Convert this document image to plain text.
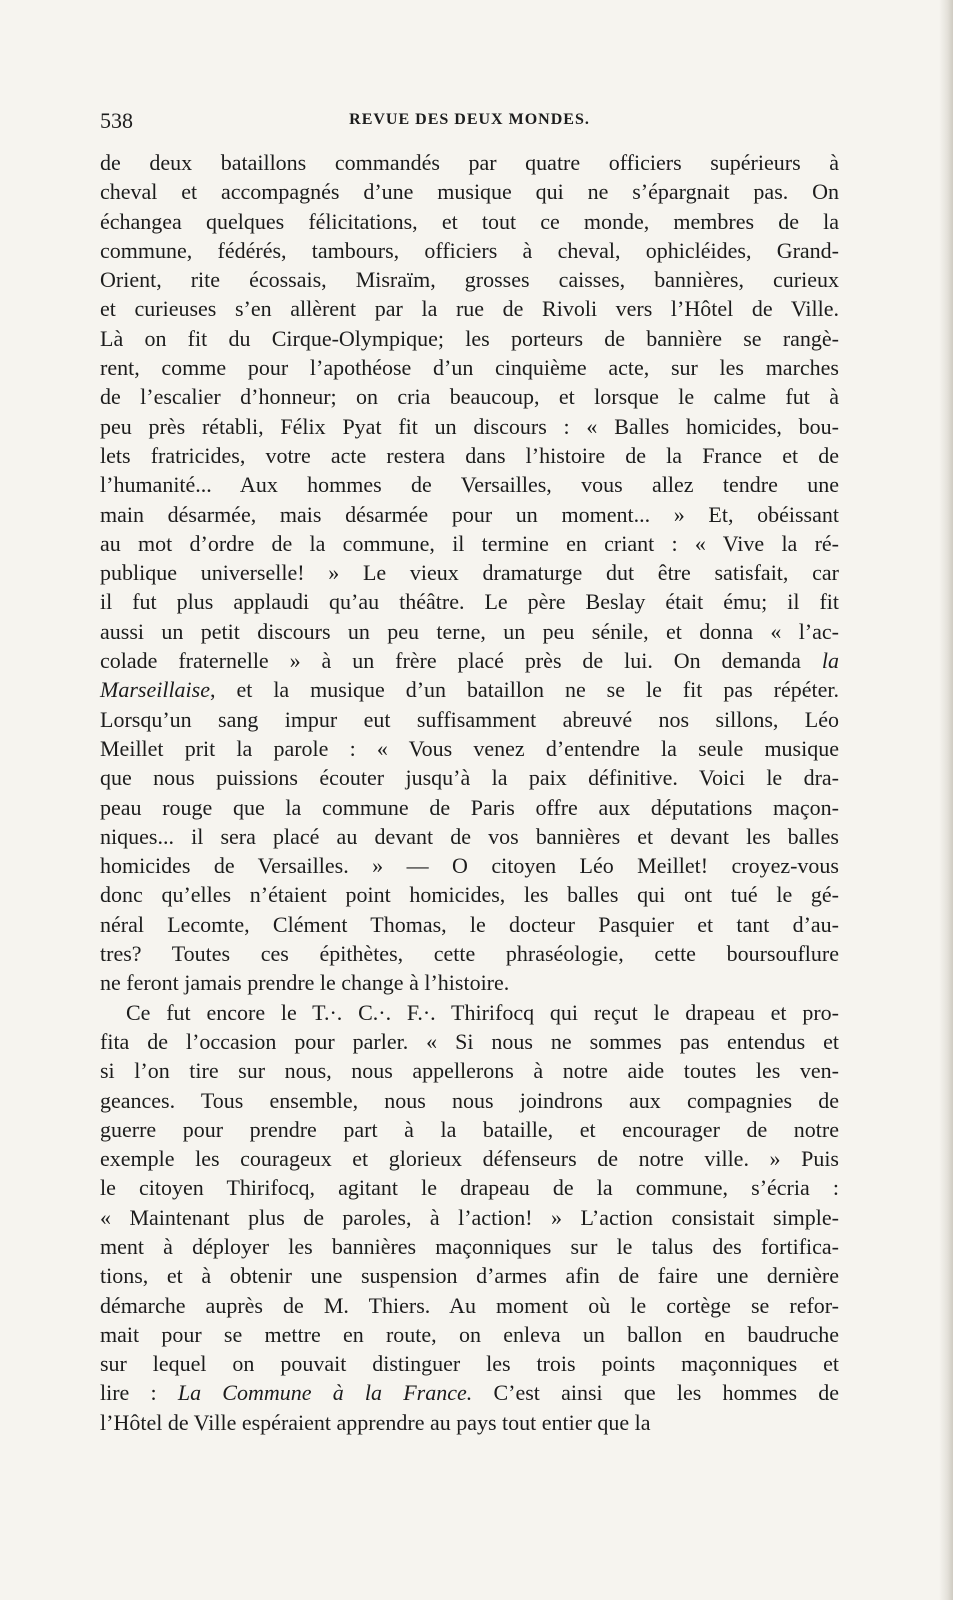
538	REVUE DES DEUX MONDES.
de deux bataillons commandés par quatre officiers supérieurs à
cheval et accompagnés d’une musique qui ne s’épargnait pas. On
échangea quelques félicitations, et tout ce monde, membres de la
commune, fédérés, tambours, officiers à cheval, ophicléides, Grand-
Orient, rite écossais, Misraïm, grosses caisses, bannières, curieux
et curieuses s’en allèrent par la rue de Rivoli vers l’Hôtel de Ville.
Là on fit du Cirque-Olympique; les porteurs de bannière se rangè-
rent, comme pour l’apothéose d’un cinquième acte, sur les marches
de l’escalier d’honneur; on cria beaucoup, et lorsque le calme fut à
peu près rétabli, Félix Pyat fit un discours : « Balles homicides, bou-
lets fratricides, votre acte restera dans l’histoire de la France et de
l’humanité... Aux hommes de Versailles, vous allez tendre une
main désarmée, mais désarmée pour un moment... » Et, obéissant
au mot d’ordre de la commune, il termine en criant : « Vive la ré-
publique universelle! » Le vieux dramaturge dut être satisfait, car
il fut plus applaudi qu’au théâtre. Le père Beslay était ému; il fit
aussi un petit discours un peu terne, un peu sénile, et donna « l’ac-
colade fraternelle » à un frère placé près de lui. On demanda la
Marseillaise, et la musique d’un bataillon ne se le fit pas répéter.
Lorsqu’un sang impur eut suffisamment abreuvé nos sillons, Léo
Meillet prit la parole : « Vous venez d’entendre la seule musique
que nous puissions écouter jusqu’à la paix définitive. Voici le dra-
peau rouge que la commune de Paris offre aux députations maçon-
niques... il sera placé au devant de vos bannières et devant les balles
homicides de Versailles. » — O citoyen Léo Meillet! croyez-vous
donc qu’elles n’étaient point homicides, les balles qui ont tué le gé-
néral Lecomte, Clément Thomas, le docteur Pasquier et tant d’au-
tres? Toutes ces épithètes, cette phraséologie, cette boursouflure
ne feront jamais prendre le change à l’histoire.
Ce fut encore le T.·. C.·. F.·. Thirifocq qui reçut le drapeau et pro-
fita de l’occasion pour parler. « Si nous ne sommes pas entendus et
si l’on tire sur nous, nous appellerons à notre aide toutes les ven-
geances. Tous ensemble, nous nous joindrons aux compagnies de
guerre pour prendre part à la bataille, et encourager de notre
exemple les courageux et glorieux défenseurs de notre ville. » Puis
le citoyen Thirifocq, agitant le drapeau de la commune, s’écria :
« Maintenant plus de paroles, à l’action! » L’action consistait simple-
ment à déployer les bannières maçonniques sur le talus des fortifica-
tions, et à obtenir une suspension d’armes afin de faire une dernière
démarche auprès de M. Thiers. Au moment où le cortège se refor-
mait pour se mettre en route, on enleva un ballon en baudruche
sur lequel on pouvait distinguer les trois points maçonniques et
lire : La Commune à la France. C’est ainsi que les hommes de
l’Hôtel de Ville espéraient apprendre au pays tout entier que la
